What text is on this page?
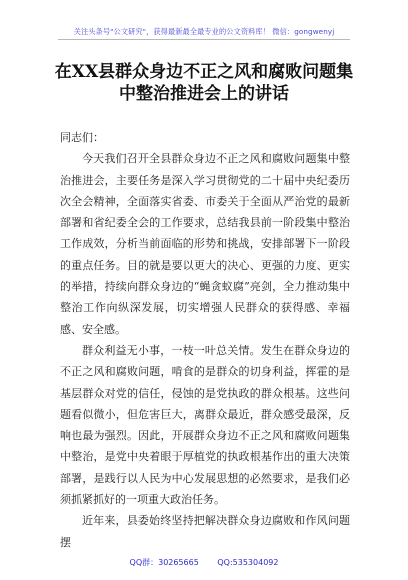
关注头条号"公文研究"，获得最新最全最专业的公文资料库！ 微信：gongwenyj
在XX县群众身边不正之风和腐败问题集
中整治推进会上的讲话

同志们：

今天我们召开全县群众身边不正之风和腐败问题集中整治推进会，主要任务是深入学习贯彻党的二十届中央纪委历次全会精神，全面落实省委、市委关于全面从严治党的最新部署和省纪委全会的工作要求，总结我县前一阶段集中整治工作成效，分析当前面临的形势和挑战，安排部署下一阶段的重点任务。目的就是要以更大的决心、更强的力度、更实的举措，持续向群众身边的“蝇贪蚁腐”亮剑，全力推动集中整治工作向纵深发展，切实增强人民群众的获得感、幸福感、安全感。

群众利益无小事，一枝一叶总关情。发生在群众身边的不正之风和腐败问题，啃食的是群众的切身利益，挥霍的是基层群众对党的信任，侵蚀的是党执政的群众根基。这些问题看似微小，但危害巨大，离群众最近，群众感受最深，反响也最为强烈。因此，开展群众身边不正之风和腐败问题集中整治，是党中央着眼于厚植党的执政根基作出的重大决策部署，是践行以人民为中心发展思想的必然要求，是我们必须抓紧抓好的一项重大政治任务。

近年来，县委始终坚持把解决群众身边腐败和作风问题摆

QQ群：30265665 QQ:535304092
